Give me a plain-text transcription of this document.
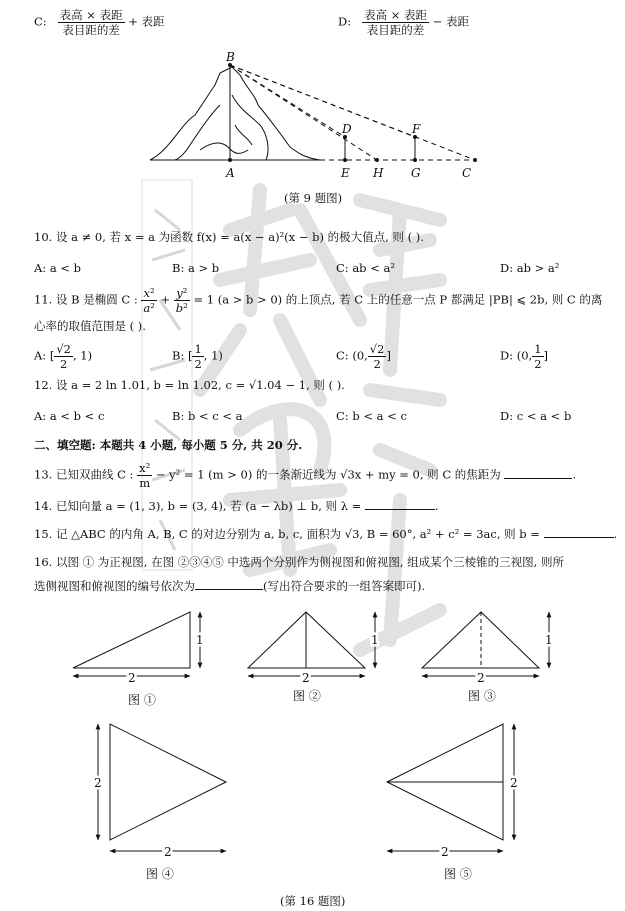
C: $\frac{\text{表高 × 表距}}{\text{表目距的差}}$ + 表距	D: $\frac{\text{表高 × 表距}}{\text{表目距的差}}$ − 表距
B
A
D	F
E H G	C
(第 9 题图)
10. 设 a ≠ 0, 若 x = a 为函数 f(x) = a(x − a)²(x − b) 的极大值点, 则 ( ).
A: a < b	B: a > b	C: ab < a²	D: ab > a²
11. 设 B 是椭圆 C : $\frac{\text{x²}}{\text{a²}} + \frac{\text{y²}}{\text{b²}} = 1$ (a > b > 0) 的上顶点, 若 C 上的任意一点 P 都满足 |PB| ⩽ 2b, 则 C 的离
心率的取值范围是 ( ).
A: [ $\frac{√2}{2}$ , 1)	B: [ $\frac{1}{2}$ , 1)	C: (0, $\frac{√2}{2}$ ]	D: (0, $\frac{1}{2}$ ]
12. 设 a = 2 ln 1.01, b = ln 1.02, c = √1.04 − 1, 则 ( ).
A: a < b < c	B: b < c < a	C: b < a < c	D: c < a < b
二、填空题: 本题共 4 小题, 每小题 5 分, 共 20 分.
13. 已知双曲线 C : $\frac{\text{x²}}{m} - y^2 = 1$ (m > 0) 的一条渐近线为 √3x + my = 0, 则 C 的焦距为	.
14. 已知向量 a = (1, 3), b = (3, 4), 若 (a − λb) ⊥ b, 则 λ =	.
15. 记 △ABC 的内角 A, B, C 的对边分别为 a, b, c, 面积为 √3, B = 60°, a² + c² = 3ac, 则 b =	.
16. 以图 ① 为正视图, 在图 ②③④⑤ 中选两个分别作为侧视图和俯视图, 组成某个三棱锥的三视图, 则所
选侧视图和俯视图的编号依次为	(写出符合要求的一组答案即可).
2
1
2
1
2
1
2
2
2
2
图 ①	图 ②	图 ③
图 ④	图 ⑤
(第 16 题图)
